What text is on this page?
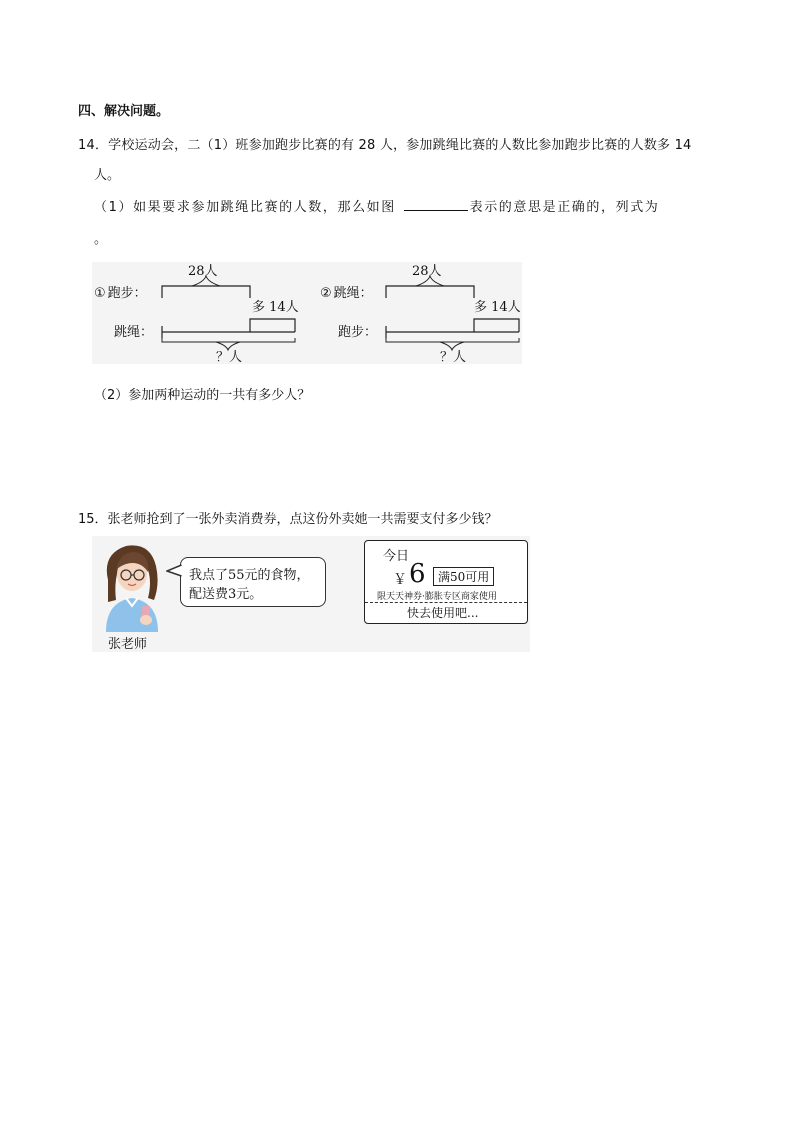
四、解决问题。
14．学校运动会，二（1）班参加跑步比赛的有 28 人，参加跳绳比赛的人数比参加跑步比赛的人数多 14
人。
（1）如果要求参加跳绳比赛的人数，那么如图	表示的意思是正确的，列式为
。
① 跑步：
28人
跳绳：
多 14人
？人
② 跳绳：
28人
跑步：
多 14人
？人
（2）参加两种运动的一共有多少人？
15．张老师抢到了一张外卖消费券，点这份外卖她一共需要支付多少钱？
张老师
我点了55元的食物，
配送费3元。
今日
￥ 6	满50可用
限天天神券·膨胀专区商家使用
快去使用吧...
